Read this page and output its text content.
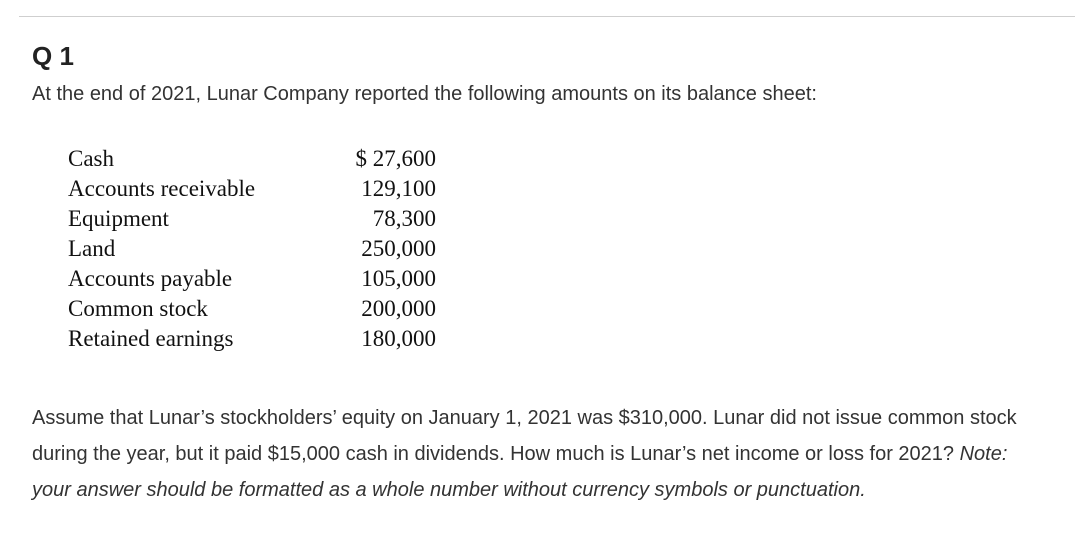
Q 1
At the end of 2021, Lunar Company reported the following amounts on its balance sheet:
Cash	$ 27,600
Accounts receivable	129,100
Equipment	78,300
Land	250,000
Accounts payable	105,000
Common stock	200,000
Retained earnings	180,000

Assume that Lunar’s stockholders’ equity on January 1, 2021 was $310,000. Lunar did not issue common stock during the year, but it paid $15,000 cash in dividends. How much is Lunar’s net income or loss for 2021? Note: your answer should be formatted as a whole number without currency symbols or punctuation.
